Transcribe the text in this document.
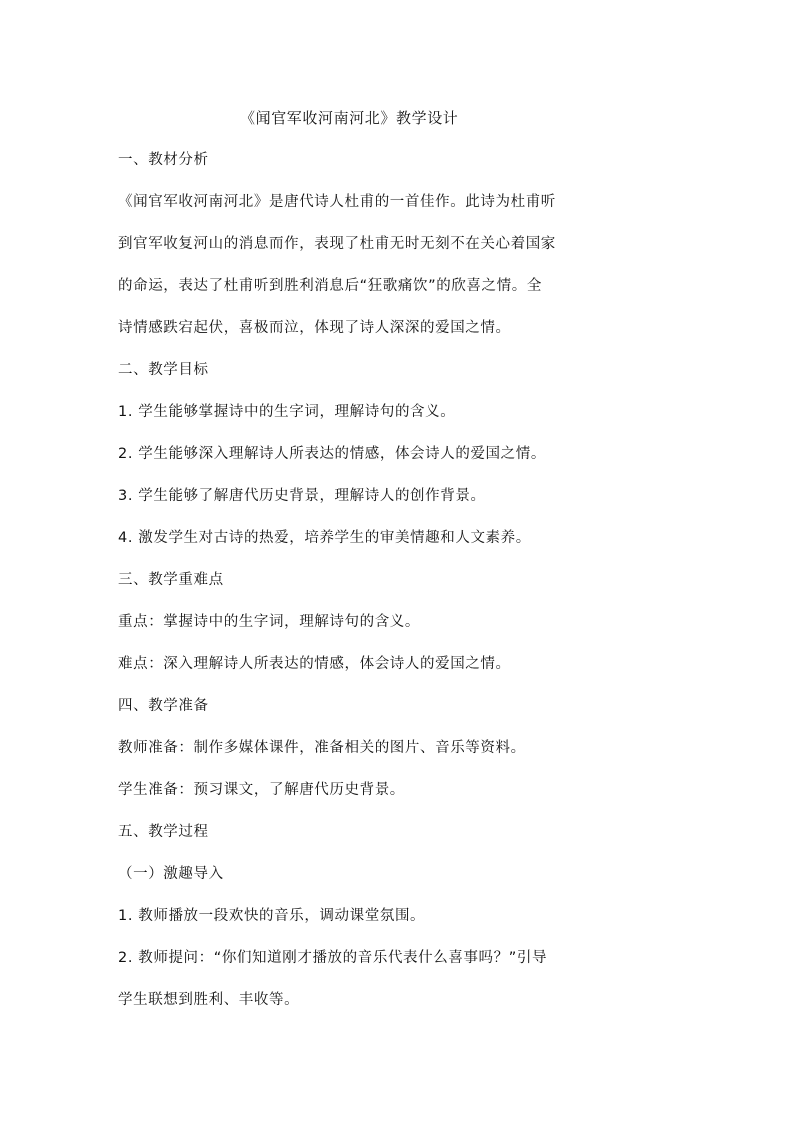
《闻官军收河南河北》教学设计
一、教材分析
《闻官军收河南河北》是唐代诗人杜甫的一首佳作。此诗为杜甫听
到官军收复河山的消息而作，表现了杜甫无时无刻不在关心着国家
的命运，表达了杜甫听到胜利消息后“狂歌痛饮”的欣喜之情。全
诗情感跌宕起伏，喜极而泣，体现了诗人深深的爱国之情。
二、教学目标
1. 学生能够掌握诗中的生字词，理解诗句的含义。
2. 学生能够深入理解诗人所表达的情感，体会诗人的爱国之情。
3. 学生能够了解唐代历史背景，理解诗人的创作背景。
4. 激发学生对古诗的热爱，培养学生的审美情趣和人文素养。
三、教学重难点
重点：掌握诗中的生字词，理解诗句的含义。
难点：深入理解诗人所表达的情感，体会诗人的爱国之情。
四、教学准备
教师准备：制作多媒体课件，准备相关的图片、音乐等资料。
学生准备：预习课文，了解唐代历史背景。
五、教学过程
（一）激趣导入
1. 教师播放一段欢快的音乐，调动课堂氛围。
2. 教师提问：“你们知道刚才播放的音乐代表什么喜事吗？”引导
学生联想到胜利、丰收等。
